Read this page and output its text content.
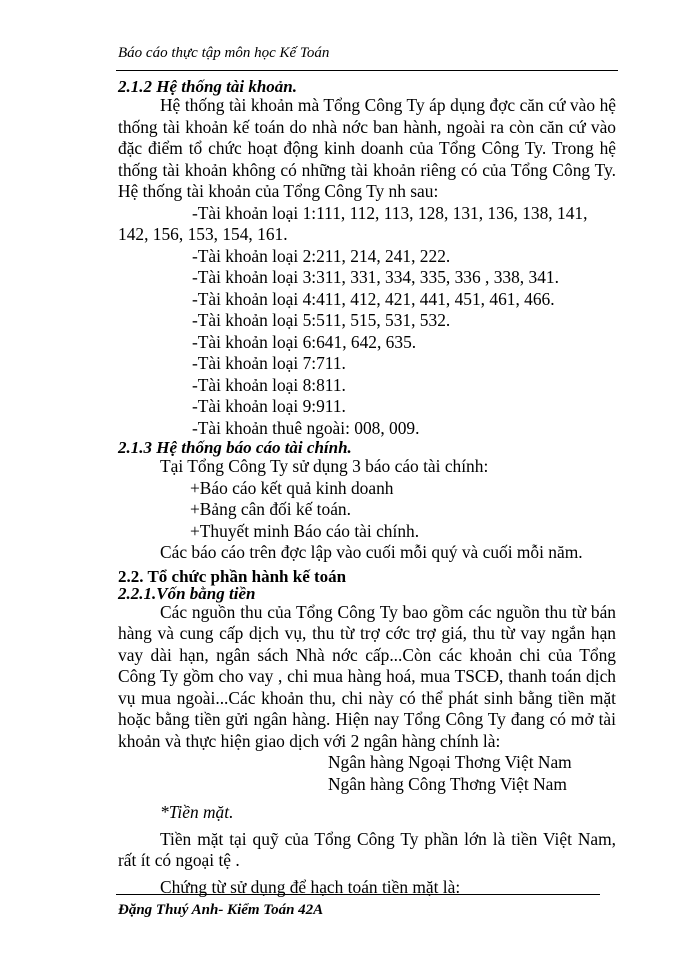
Báo cáo thực tập môn học Kế Toán

2.1.2 Hệ thống tài khoản.

Hệ thống tài khoản mà Tổng Công Ty áp dụng đợc căn cứ vào hệ thống tài khoản kế toán do nhà nớc ban hành, ngoài ra còn căn cứ vào đặc điểm tổ chức hoạt động kinh doanh của Tổng Công Ty. Trong hệ thống tài khoản không có những tài khoản riêng có của Tổng Công Ty. Hệ thống tài khoản của Tổng Công Ty nh sau:

-Tài khoản loại 1:111, 112, 113, 128, 131, 136, 138, 141, 142, 156, 153, 154, 161.

-Tài khoản loại 2:211, 214, 241, 222.

-Tài khoản loại 3:311, 331, 334, 335, 336 , 338, 341.

-Tài khoản loại 4:411, 412, 421, 441, 451, 461, 466.

-Tài khoản loại 5:511, 515, 531, 532.

-Tài khoản loại 6:641, 642, 635.

-Tài khoản loại 7:711.

-Tài khoản loại 8:811.

-Tài khoản loại 9:911.

-Tài khoản thuê ngoài: 008, 009.

2.1.3 Hệ thống báo cáo tài chính.

Tại Tổng Công Ty sử dụng 3 báo cáo tài chính:

+Báo cáo kết quả kinh doanh

+Bảng cân đối kế toán.

+Thuyết minh Báo cáo tài chính.

Các báo cáo trên đợc lập vào cuối mỗi quý và cuối mỗi năm.

2.2. Tổ chức phần hành kế toán

2.2.1.Vốn bằng tiền

Các nguồn thu của Tổng Công Ty bao gồm các nguồn thu từ bán hàng và cung cấp dịch vụ, thu từ trợ cớc trợ giá, thu từ vay ngắn hạn vay dài hạn, ngân sách Nhà nớc cấp...Còn các khoản chi của Tổng Công Ty gồm cho vay , chi mua hàng hoá, mua TSCĐ, thanh toán dịch vụ mua ngoài...Các khoản thu, chi này có thể phát sinh bằng tiền mặt hoặc bằng tiền gửi ngân hàng. Hiện nay Tổng Công Ty đang có mở tài khoản và thực hiện giao dịch với 2 ngân hàng chính là:

Ngân hàng Ngoại Thơng Việt Nam

Ngân hàng Công Thơng Việt Nam

*Tiền mặt.

Tiền mặt tại quỹ của Tổng Công Ty phần lớn là tiền Việt Nam, rất ít có ngoại tệ .

Chứng từ sử dụng để hạch toán tiền mặt là:

Đặng Thuý Anh- Kiểm Toán 42A
